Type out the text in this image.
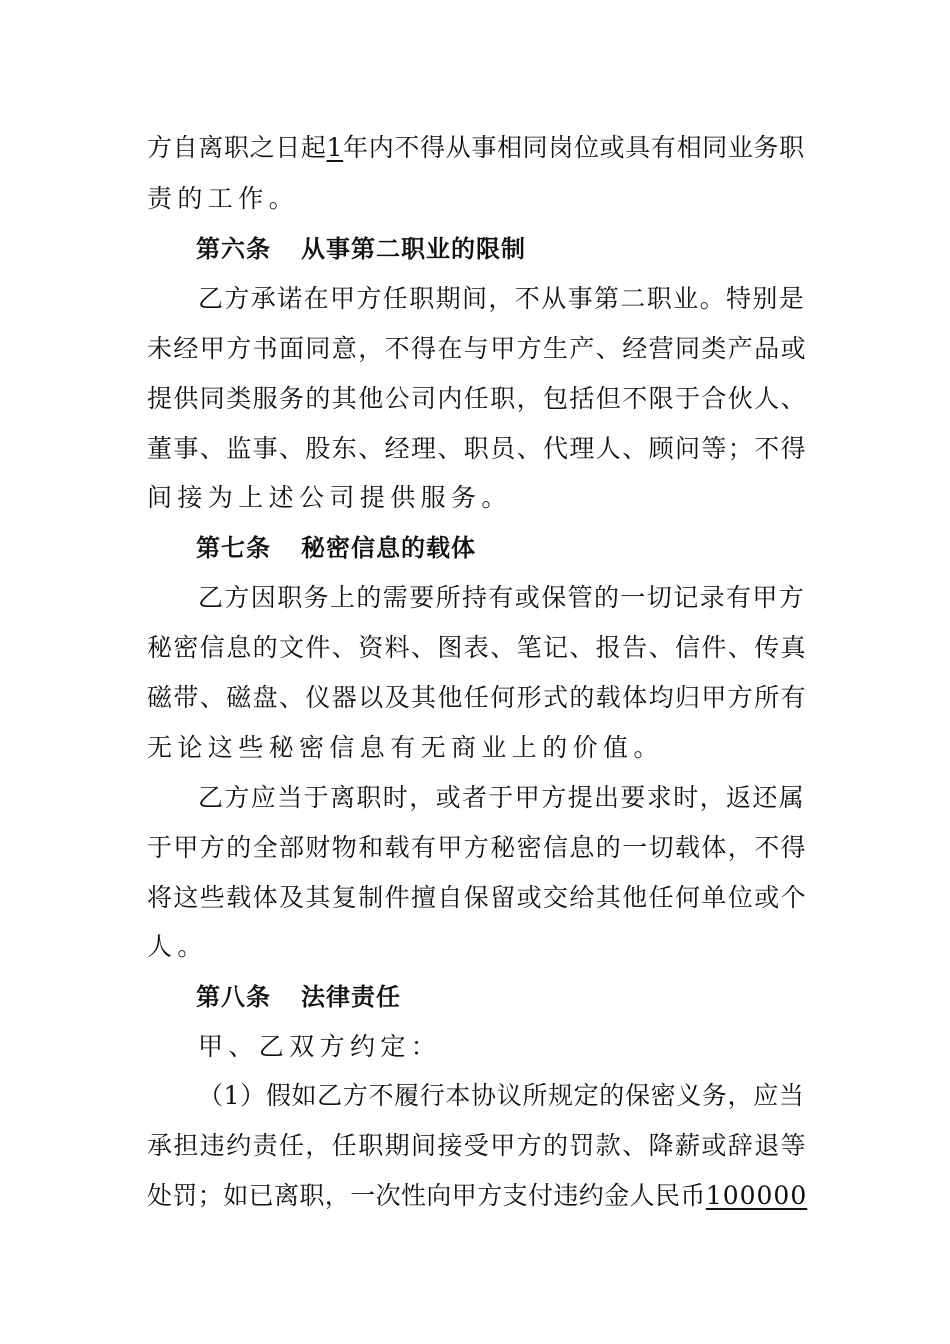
方自离职之日起1年内不得从事相同岗位或具有相同业务职
责的工作。
第六条 从事第二职业的限制
乙方承诺在甲方任职期间，不从事第二职业。特别是
未经甲方书面同意，不得在与甲方生产、经营同类产品或
提供同类服务的其他公司内任职，包括但不限于合伙人、
董事、监事、股东、经理、职员、代理人、顾问等；不得
间接为上述公司提供服务。
第七条 秘密信息的载体
乙方因职务上的需要所持有或保管的一切记录有甲方
秘密信息的文件、资料、图表、笔记、报告、信件、传真
磁带、磁盘、仪器以及其他任何形式的载体均归甲方所有
无论这些秘密信息有无商业上的价值。
乙方应当于离职时，或者于甲方提出要求时，返还属
于甲方的全部财物和载有甲方秘密信息的一切载体，不得
将这些载体及其复制件擅自保留或交给其他任何单位或个
人。
第八条 法律责任
甲、乙双方约定：
（1）假如乙方不履行本协议所规定的保密义务，应当
承担违约责任，任职期间接受甲方的罚款、降薪或辞退等
处罚；如已离职，一次性向甲方支付违约金人民币100000
